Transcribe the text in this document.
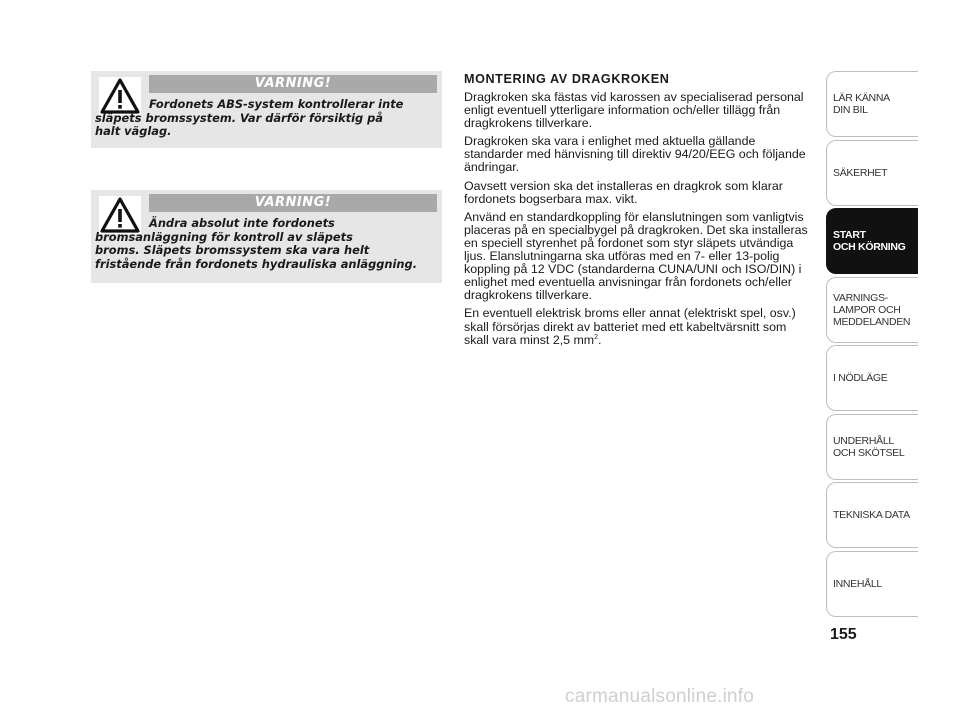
VARNING!
Fordonets ABS-system kontrollerar inte släpets bromssystem. Var därför försiktig på
halt väglag.
VARNING!
Ändra absolut inte fordonets bromsanläggning för kontroll av släpets
broms. Släpets bromssystem ska vara helt fristående från fordonets hydrauliska anläggning.
MONTERING AV DRAGKROKEN

Dragkroken ska fästas vid karossen av specialiserad personal enligt eventuell ytterligare information och/eller tillägg från dragkrokens tillverkare.

Dragkroken ska vara i enlighet med aktuella gällande standarder med hänvisning till direktiv 94/20/EEG och följande ändringar.

Oavsett version ska det installeras en dragkrok som klarar fordonets bogserbara max. vikt.

Använd en standardkoppling för elanslutningen som vanligtvis placeras på en specialbygel på dragkroken. Det ska installeras en speciell styrenhet på fordonet som styr släpets utvändiga ljus. Elanslutningarna ska utföras med en 7- eller 13-polig koppling på 12 VDC (standarderna CUNA/UNI och ISO/DIN) i enlighet med eventuella anvisningar från fordonets och/eller dragkrokens tillverkare.

En eventuell elektrisk broms eller annat (elektriskt spel, osv.) skall försörjas direkt av batteriet med ett kabeltvärsnitt som skall vara minst 2,5 $mm^2$.

LÄR KÄNNA
DIN BIL
SÄKERHET
START
OCH KÖRNING
VARNINGS-
LAMPOR OCH
MEDDELANDEN
I NÖDLÄGE
UNDERHÅLL
OCH SKÖTSEL
TEKNISKA DATA
INNEHÅLL
155
carmanualsonline.info
